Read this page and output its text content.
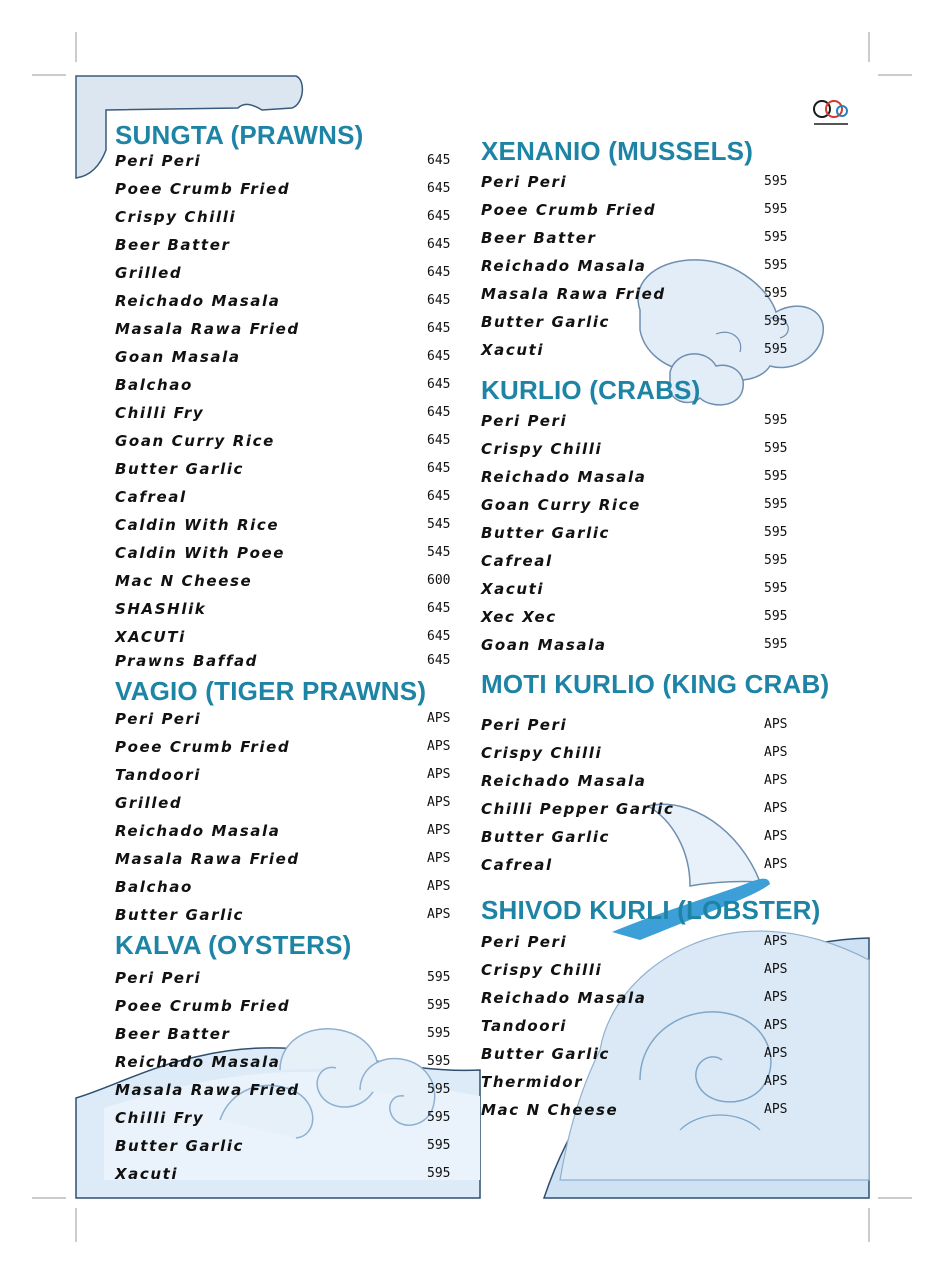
SUNGTA (PRAWNS)
Peri Peri	645
Poee Crumb Fried	645
Crispy Chilli	645
Beer Batter	645
Grilled	645
Reichado Masala	645
Masala Rawa Fried	645
Goan Masala	645
Balchao	645
Chilli Fry	645
Goan Curry Rice	645
Butter Garlic	645
Cafreal	645
Caldin With Rice	545
Caldin With Poee	545
Mac N Cheese	600
SHASHlik	645
XACUTi	645
Prawns Baffad	645
VAGIO (TIGER PRAWNS)
Peri Peri	APS
Poee Crumb Fried	APS
Tandoori	APS
Grilled	APS
Reichado Masala	APS
Masala Rawa Fried	APS
Balchao	APS
Butter Garlic	APS
KALVA (OYSTERS)
Peri Peri	595
Poee Crumb Fried	595
Beer Batter	595
Reichado Masala	595
Masala Rawa Fried	595
Chilli Fry	595
Butter Garlic	595
Xacuti	595
XENANIO (MUSSELS)
Peri Peri	595
Poee Crumb Fried	595
Beer Batter	595
Reichado Masala	595
Masala Rawa Fried	595
Butter Garlic	595
Xacuti	595
KURLIO (CRABS)
Peri Peri	595
Crispy Chilli	595
Reichado Masala	595
Goan Curry Rice	595
Butter Garlic	595
Cafreal	595
Xacuti	595
Xec Xec	595
Goan Masala	595
MOTI KURLIO (KING CRAB)
Peri Peri	APS
Crispy Chilli	APS
Reichado Masala	APS
Chilli Pepper Garlic	APS
Butter Garlic	APS
Cafreal	APS
SHIVOD KURLI (LOBSTER)
Peri Peri	APS
Crispy Chilli	APS
Reichado Masala	APS
Tandoori	APS
Butter Garlic	APS
Thermidor	APS
Mac N Cheese	APS
